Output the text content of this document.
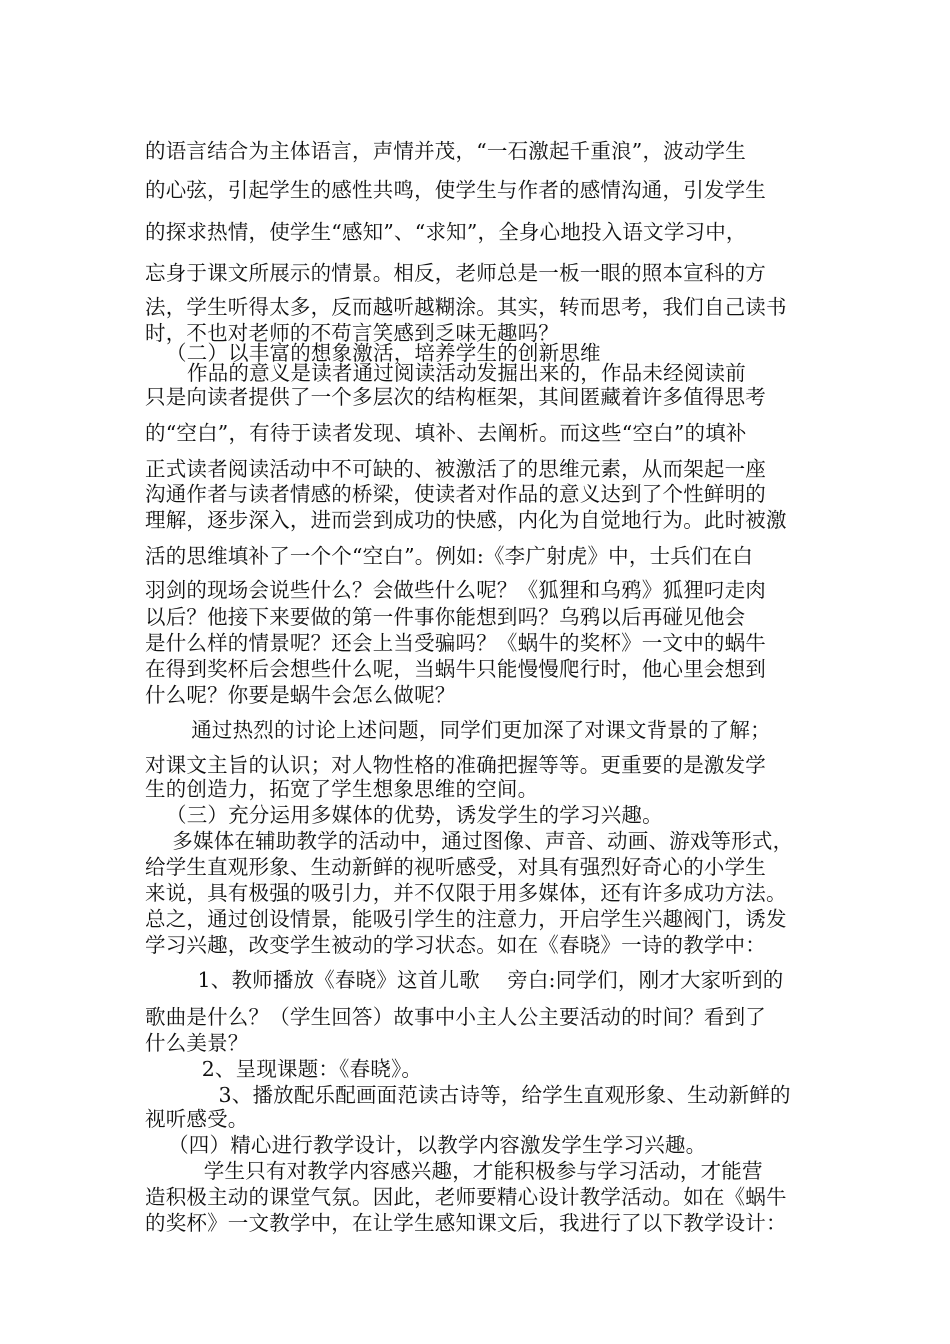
的语言结合为主体语言，声情并茂，“一石激起千重浪”，波动学生
的心弦，引起学生的感性共鸣，使学生与作者的感情沟通，引发学生
的探求热情，使学生“感知”、“求知”，全身心地投入语文学习中，
忘身于课文所展示的情景。相反，老师总是一板一眼的照本宣科的方
法，学生听得太多，反而越听越糊涂。其实，转而思考，我们自己读书
时，不也对老师的不苟言笑感到乏味无趣吗？
（二）以丰富的想象激活，培养学生的创新思维
作品的意义是读者通过阅读活动发掘出来的，作品未经阅读前
只是向读者提供了一个多层次的结构框架，其间匿藏着许多值得思考
的“空白”，有待于读者发现、填补、去阐析。而这些“空白”的填补
正式读者阅读活动中不可缺的、被激活了的思维元素，从而架起一座
沟通作者与读者情感的桥梁，使读者对作品的意义达到了个性鲜明的
理解，逐步深入，进而尝到成功的快感，内化为自觉地行为。此时被激
活的思维填补了一个个“空白”。例如:《李广射虎》中，士兵们在白
羽剑的现场会说些什么？会做些什么呢？《狐狸和乌鸦》狐狸叼走肉
以后？他接下来要做的第一件事你能想到吗？乌鸦以后再碰见他会
是什么样的情景呢？还会上当受骗吗？《蜗牛的奖杯》一文中的蜗牛
在得到奖杯后会想些什么呢，当蜗牛只能慢慢爬行时，他心里会想到
什么呢？你要是蜗牛会怎么做呢？
通过热烈的讨论上述问题，同学们更加深了对课文背景的了解；
对课文主旨的认识；对人物性格的准确把握等等。更重要的是激发学
生的创造力，拓宽了学生想象思维的空间。
（三）充分运用多媒体的优势，诱发学生的学习兴趣。
多媒体在辅助教学的活动中，通过图像、声音、动画、游戏等形式，
给学生直观形象、生动新鲜的视听感受，对具有强烈好奇心的小学生
来说，具有极强的吸引力，并不仅限于用多媒体，还有许多成功方法。
总之，通过创设情景，能吸引学生的注意力，开启学生兴趣阀门，诱发
学习兴趣，改变学生被动的学习状态。如在《春晓》一诗的教学中：
1、教师播放《春晓》这首儿歌　 旁白:同学们，刚才大家听到的
歌曲是什么？（学生回答）故事中小主人公主要活动的时间？看到了
什么美景？
2、呈现课题：《春晓》。
3、播放配乐配画面范读古诗等，给学生直观形象、生动新鲜的
视听感受。
（四）精心进行教学设计，以教学内容激发学生学习兴趣。
学生只有对教学内容感兴趣，才能积极参与学习活动，才能营
造积极主动的课堂气氛。因此，老师要精心设计教学活动。如在《蜗牛
的奖杯》一文教学中，在让学生感知课文后，我进行了以下教学设计：
